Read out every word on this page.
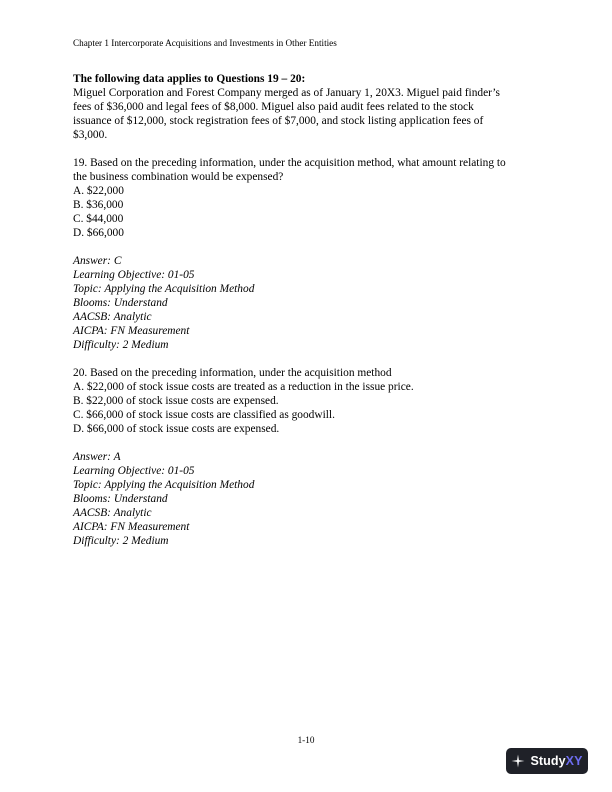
Chapter 1 Intercorporate Acquisitions and Investments in Other Entities

The following data applies to Questions 19 – 20:

Miguel Corporation and Forest Company merged as of January 1, 20X3. Miguel paid finder’s

fees of $36,000 and legal fees of $8,000. Miguel also paid audit fees related to the stock

issuance of $12,000, stock registration fees of $7,000, and stock listing application fees of

$3,000.

19. Based on the preceding information, under the acquisition method, what amount relating to

the business combination would be expensed?

A. $22,000

B. $36,000

C. $44,000

D. $66,000

Answer: C

Learning Objective: 01-05

Topic: Applying the Acquisition Method

Blooms: Understand

AACSB: Analytic

AICPA: FN Measurement

Difficulty: 2 Medium

20. Based on the preceding information, under the acquisition method

A. $22,000 of stock issue costs are treated as a reduction in the issue price.

B. $22,000 of stock issue costs are expensed.

C. $66,000 of stock issue costs are classified as goodwill.

D. $66,000 of stock issue costs are expensed.

Answer: A

Learning Objective: 01-05

Topic: Applying the Acquisition Method

Blooms: Understand

AACSB: Analytic

AICPA: FN Measurement

Difficulty: 2 Medium

1-10
StudyXY
